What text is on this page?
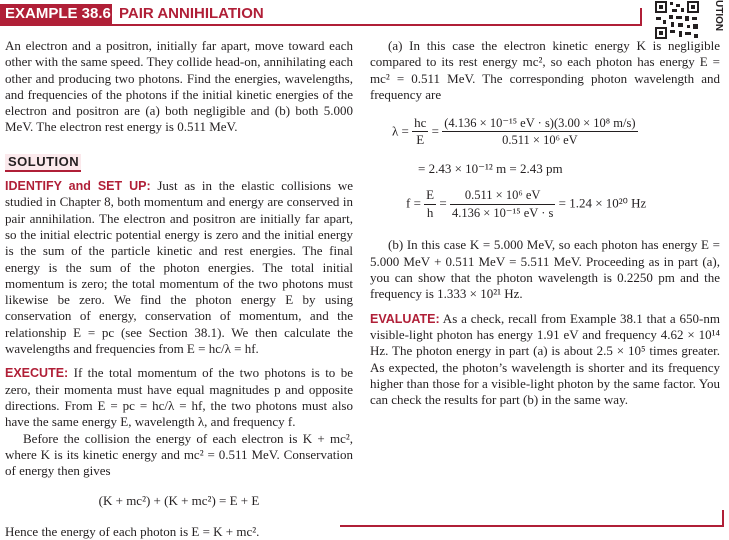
EXAMPLE 38.6 PAIR ANNIHILATION	UTION

An electron and a positron, initially far apart, move toward each other with the same speed. They collide head-on, annihilating each other and producing two photons. Find the energies, wavelengths, and frequencies of the photons if the initial kinetic energies of the electron and positron are (a) both negligible and (b) both 5.000 MeV. The electron rest energy is 0.511 MeV.

SOLUTION

IDENTIFY and SET UP: Just as in the elastic collisions we studied in Chapter 8, both momentum and energy are conserved in pair annihilation. The electron and positron are initially far apart, so the initial electric potential energy is zero and the initial energy is the sum of the particle kinetic and rest energies. The final energy is the sum of the photon energies. The total initial momentum is zero; the total momentum of the two photons must likewise be zero. We find the photon energy E by using conservation of energy, conservation of momentum, and the relationship E = pc (see Section 38.1). We then calculate the wavelengths and frequencies from E = hc/λ = hf.

EXECUTE: If the total momentum of the two photons is to be zero, their momenta must have equal magnitudes p and opposite directions. From E = pc = hc/λ = hf, the two photons must also have the same energy E, wavelength λ, and frequency f.

Before the collision the energy of each electron is K + mc², where K is its kinetic energy and mc² = 0.511 MeV. Conservation of energy then gives

(K + mc²) + (K + mc²) = E + E

Hence the energy of each photon is E = K + mc².

(a) In this case the electron kinetic energy K is negligible compared to its rest energy mc², so each photon has energy E = mc² = 0.511 MeV. The corresponding photon wavelength and frequency are

$\lambda = \frac{hc}{E} = \frac{\text{(4.136 × 10⁻¹⁵ eV · s)(3.00 × 10⁸ m/s)}}{\text{0.511 × 10⁶ eV}}$
= 2.43 × 10⁻¹² m = 2.43 pm
$f = \frac{E}{h} = \frac{\text{0.511 × 10⁶ eV}}{\text{4.136 × 10⁻¹⁵ eV · s}} = 1.24 \times 10^{20}$ Hz

(b) In this case K = 5.000 MeV, so each photon has energy E = 5.000 MeV + 0.511 MeV = 5.511 MeV. Proceeding as in part (a), you can show that the photon wavelength is 0.2250 pm and the frequency is 1.333 × 10²¹ Hz.

EVALUATE: As a check, recall from Example 38.1 that a 650-nm visible-light photon has energy 1.91 eV and frequency 4.62 × 10¹⁴ Hz. The photon energy in part (a) is about 2.5 × 10⁵ times greater. As expected, the photon’s wavelength is shorter and its frequency higher than those for a visible-light photon by the same factor. You can check the results for part (b) in the same way.
